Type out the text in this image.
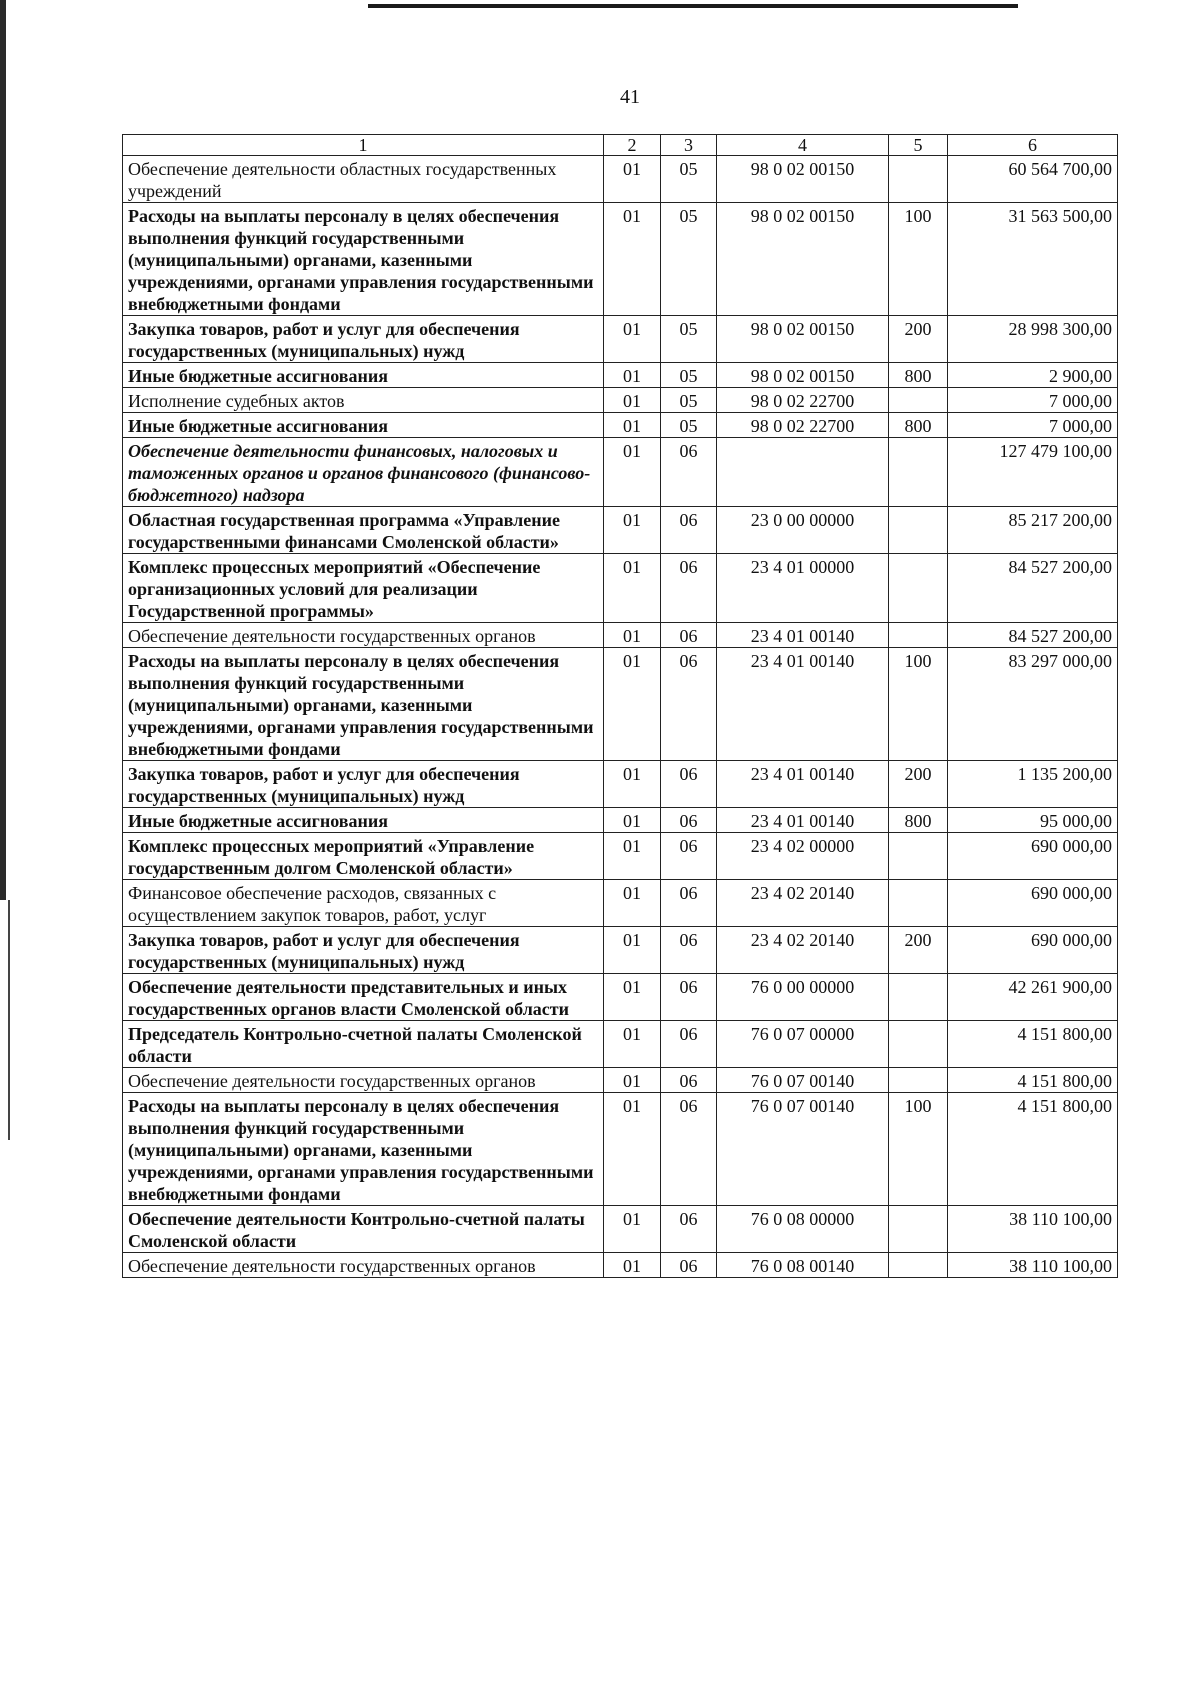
41
1	2	3	4	5	6
Обеспечение деятельности областных государственных учреждений	01	05	98 0 02 00150		60 564 700,00
Расходы на выплаты персоналу в целях обеспечения выполнения функций государственными (муниципальными) органами, казенными учреждениями, органами управления государственными внебюджетными фондами	01	05	98 0 02 00150	100	31 563 500,00
Закупка товаров, работ и услуг для обеспечения государственных (муниципальных) нужд	01	05	98 0 02 00150	200	28 998 300,00
Иные бюджетные ассигнования	01	05	98 0 02 00150	800	2 900,00
Исполнение судебных актов	01	05	98 0 02 22700		7 000,00
Иные бюджетные ассигнования	01	05	98 0 02 22700	800	7 000,00
Обеспечение деятельности финансовых, налоговых и таможенных органов и органов финансового (финансово-бюджетного) надзора	01	06			127 479 100,00
Областная государственная программа «Управление государственными финансами Смоленской области»	01	06	23 0 00 00000		85 217 200,00
Комплекс процессных мероприятий «Обеспечение организационных условий для реализации Государственной программы»	01	06	23 4 01 00000		84 527 200,00
Обеспечение деятельности государственных органов	01	06	23 4 01 00140		84 527 200,00
Расходы на выплаты персоналу в целях обеспечения выполнения функций государственными (муниципальными) органами, казенными учреждениями, органами управления государственными внебюджетными фондами	01	06	23 4 01 00140	100	83 297 000,00
Закупка товаров, работ и услуг для обеспечения государственных (муниципальных) нужд	01	06	23 4 01 00140	200	1 135 200,00
Иные бюджетные ассигнования	01	06	23 4 01 00140	800	95 000,00
Комплекс процессных мероприятий «Управление государственным долгом Смоленской области»	01	06	23 4 02 00000		690 000,00
Финансовое обеспечение расходов, связанных с осуществлением закупок товаров, работ, услуг	01	06	23 4 02 20140		690 000,00
Закупка товаров, работ и услуг для обеспечения государственных (муниципальных) нужд	01	06	23 4 02 20140	200	690 000,00
Обеспечение деятельности представительных и иных государственных органов власти Смоленской области	01	06	76 0 00 00000		42 261 900,00
Председатель Контрольно-счетной палаты Смоленской области	01	06	76 0 07 00000		4 151 800,00
Обеспечение деятельности государственных органов	01	06	76 0 07 00140		4 151 800,00
Расходы на выплаты персоналу в целях обеспечения выполнения функций государственными (муниципальными) органами, казенными учреждениями, органами управления государственными внебюджетными фондами	01	06	76 0 07 00140	100	4 151 800,00
Обеспечение деятельности Контрольно-счетной палаты Смоленской области	01	06	76 0 08 00000		38 110 100,00
Обеспечение деятельности государственных органов	01	06	76 0 08 00140		38 110 100,00
